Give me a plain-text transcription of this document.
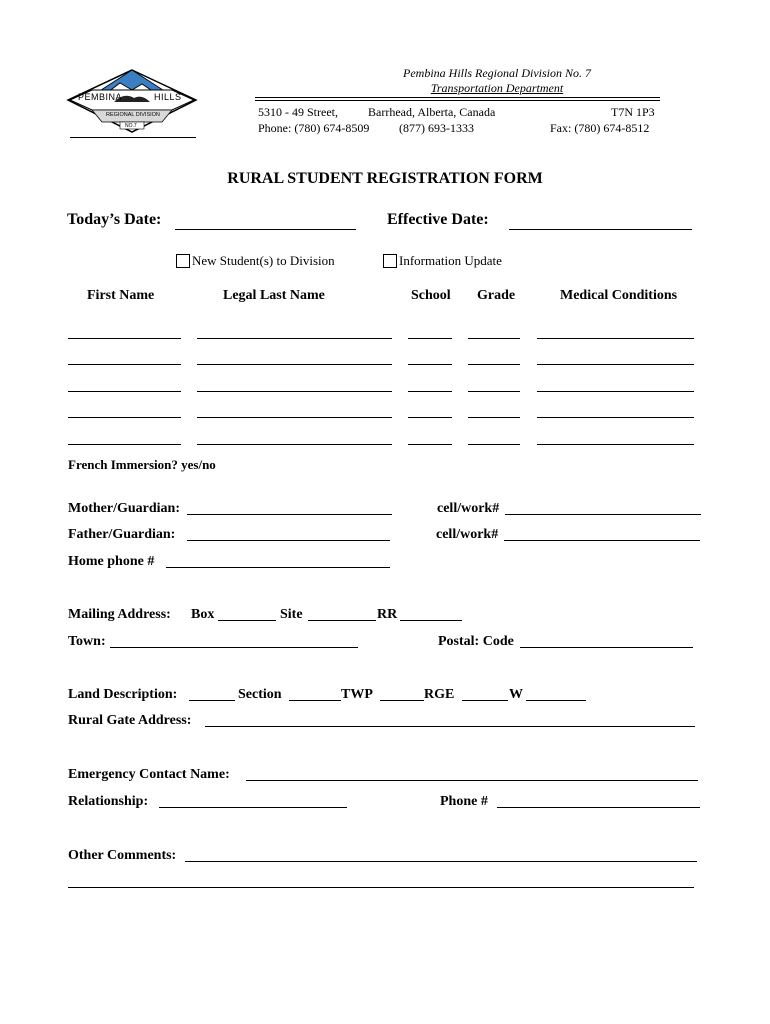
PEMBINA	HILLS
REGIONAL DIVISION
NO.7
Pembina Hills Regional Division No. 7
Transportation Department
5310 - 49 Street,	Barrhead, Alberta, Canada	T7N 1P3
Phone: (780) 674-8509 (877) 693-1333	Fax: (780) 674-8512
RURAL STUDENT REGISTRATION FORM
Today’s Date:	Effective Date:
New Student(s) to Division	Information Update
First Name	Legal Last Name	School Grade	Medical Conditions
French Immersion? yes/no
Mother/Guardian:	cell/work#
Father/Guardian:	cell/work#
Home phone #
Mailing Address: Box	Site	RR
Town:	Postal: Code
Land Description:	Section	TWP	RGE	W
Rural Gate Address:
Emergency Contact Name:
Relationship:	Phone #
Other Comments:
